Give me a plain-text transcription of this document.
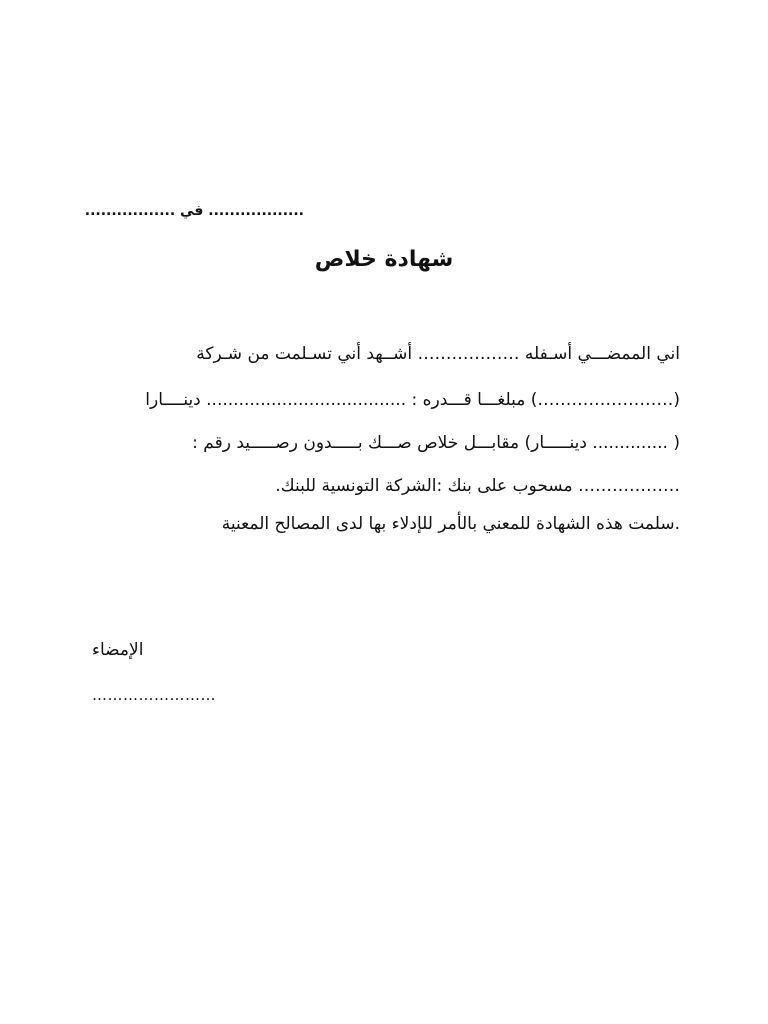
.................. في .................
شهادة خلاص
اني الممضـــي أسـفله ……………… أشــهد أني تسـلمت من شـركة
(……………………) مبلغـــا قـــدره : ..................................... دينــــارا
( .............. دينـــــار) مقابـــل خلاص صـــك بـــــدون رصـــــيد رقم :
……………… مسحوب على بنك :الشركة التونسية للبنك.
.سلمت هذه الشهادة للمعني بالأمر للإدلاء بها لدى المصالح المعنية
الإمضاء
……………………
